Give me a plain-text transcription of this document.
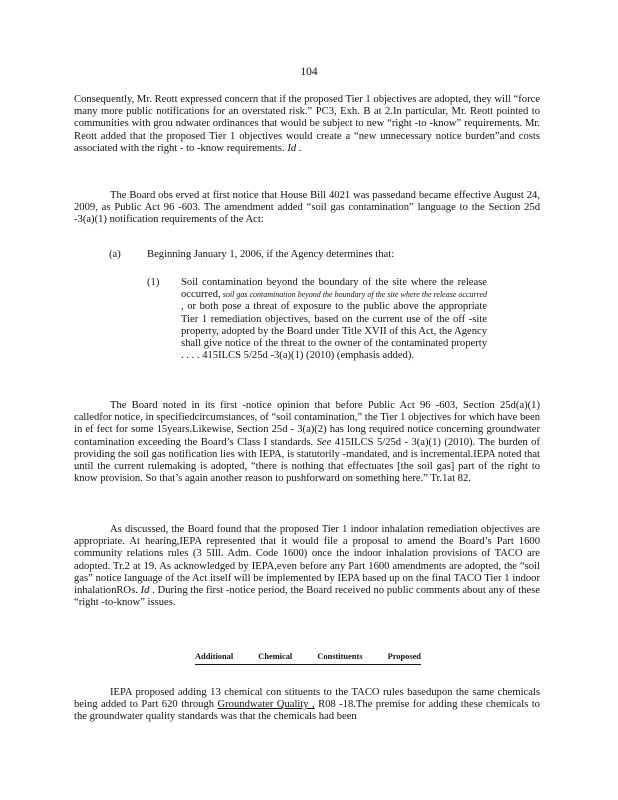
104

Consequently, Mr. Reott expressed concern that if the proposed Tier 1 objectives are adopted, they will “force many more public notifications for an overstated risk.” PC3, Exh. B at 2.In particular, Mr. Reott pointed to communities with grou ndwater ordinances that would be subject to new “right -to -know” requirements. Mr. Reott added that the proposed Tier 1 objectives would create a “new unnecessary notice burden”and costs associated with the right - to -know requirements. Id .

The Board obs erved at first notice that House Bill 4021 was passedand became effective August 24, 2009, as Public Act 96 -603. The amendment added “soil gas contamination” language to the Section 25d -3(a)(1) notification requirements of the Act:

(a) Beginning January 1, 2006, if the Agency determines that:
(1) Soil contamination beyond the boundary of the site where the release occurred, soil gas contamination beyond the boundary of the site where the release occurred , or both pose a threat of exposure to the public above the appropriate Tier 1 remediation objectives, based on the current use of the off -site property, adopted by the Board under Title XVII of this Act, the Agency shall give notice of the threat to the owner of the contaminated property . . . . 415ILCS 5/25d -3(a)(1) (2010) (emphasis added).

The Board noted in its first -notice opinion that before Public Act 96 -603, Section 25d(a)(1) calledfor notice, in specifiedcircumstances, of “soil contamination,” the Tier 1 objectives for which have been in ef fect for some 15years.Likewise, Section 25d - 3(a)(2) has long required notice concerning groundwater contamination exceeding the Board’s Class I standards. See 415ILCS 5/25d - 3(a)(1) (2010). The burden of providing the soil gas notification lies with IEPA, is statutorily -mandated, and is incremental.IEPA noted that until the current rulemaking is adopted, “there is nothing that effectuates [the soil gas] part of the right to know provision. So that’s again another reason to pushforward on something here.” Tr.1at 82.

As discussed, the Board found that the proposed Tier 1 indoor inhalation remediation objectives are appropriate. At hearing,IEPA represented that it would file a proposal to amend the Board’s Part 1600 community relations rules (3 5Ill. Adm. Code 1600) once the indoor inhalation provisions of TACO are adopted. Tr.2 at 19. As acknowledged by IEPA,even before any Part 1600 amendments are adopted, the “soil gas” notice language of the Act itself will be implemented by IEPA based up on the final TACO Tier 1 indoor inhalationROs. Id . During the first -notice period, the Board received no public comments about any of these “right -to-know” issues.

Additional	Chemical	Constituents	Proposed

IEPA proposed adding 13 chemical con stituents to the TACO rules basedupon the same chemicals being added to Part 620 through Groundwater Quality , R08 -18.The premise for adding these chemicals to the groundwater quality standards was that the chemicals had been
